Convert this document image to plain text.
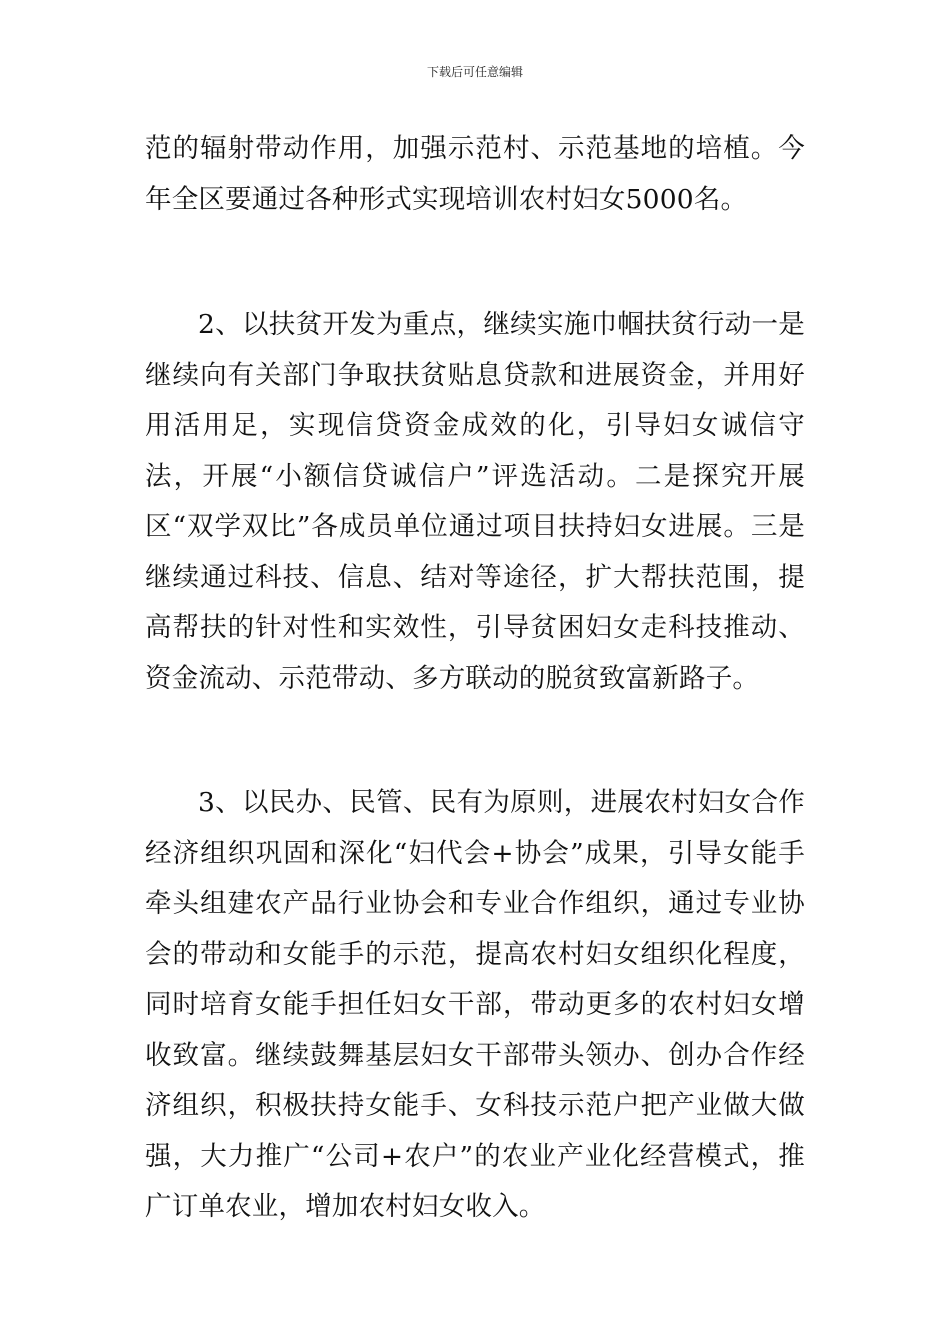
下载后可任意编辑

范的辐射带动作用，加强示范村、示范基地的培植。今年全区要通过各种形式实现培训农村妇女5000名。

2、以扶贫开发为重点，继续实施巾帼扶贫行动一是继续向有关部门争取扶贫贴息贷款和进展资金，并用好用活用足，实现信贷资金成效的化，引导妇女诚信守法，开展“小额信贷诚信户”评选活动。二是探究开展区“双学双比”各成员单位通过项目扶持妇女进展。三是继续通过科技、信息、结对等途径，扩大帮扶范围，提高帮扶的针对性和实效性，引导贫困妇女走科技推动、资金流动、示范带动、多方联动的脱贫致富新路子。

3、以民办、民管、民有为原则，进展农村妇女合作经济组织巩固和深化“妇代会+协会”成果，引导女能手牵头组建农产品行业协会和专业合作组织，通过专业协会的带动和女能手的示范，提高农村妇女组织化程度，同时培育女能手担任妇女干部，带动更多的农村妇女增收致富。继续鼓舞基层妇女干部带头领办、创办合作经济组织，积极扶持女能手、女科技示范户把产业做大做强，大力推广“公司+农户”的农业产业化经营模式，推广订单农业，增加农村妇女收入。
